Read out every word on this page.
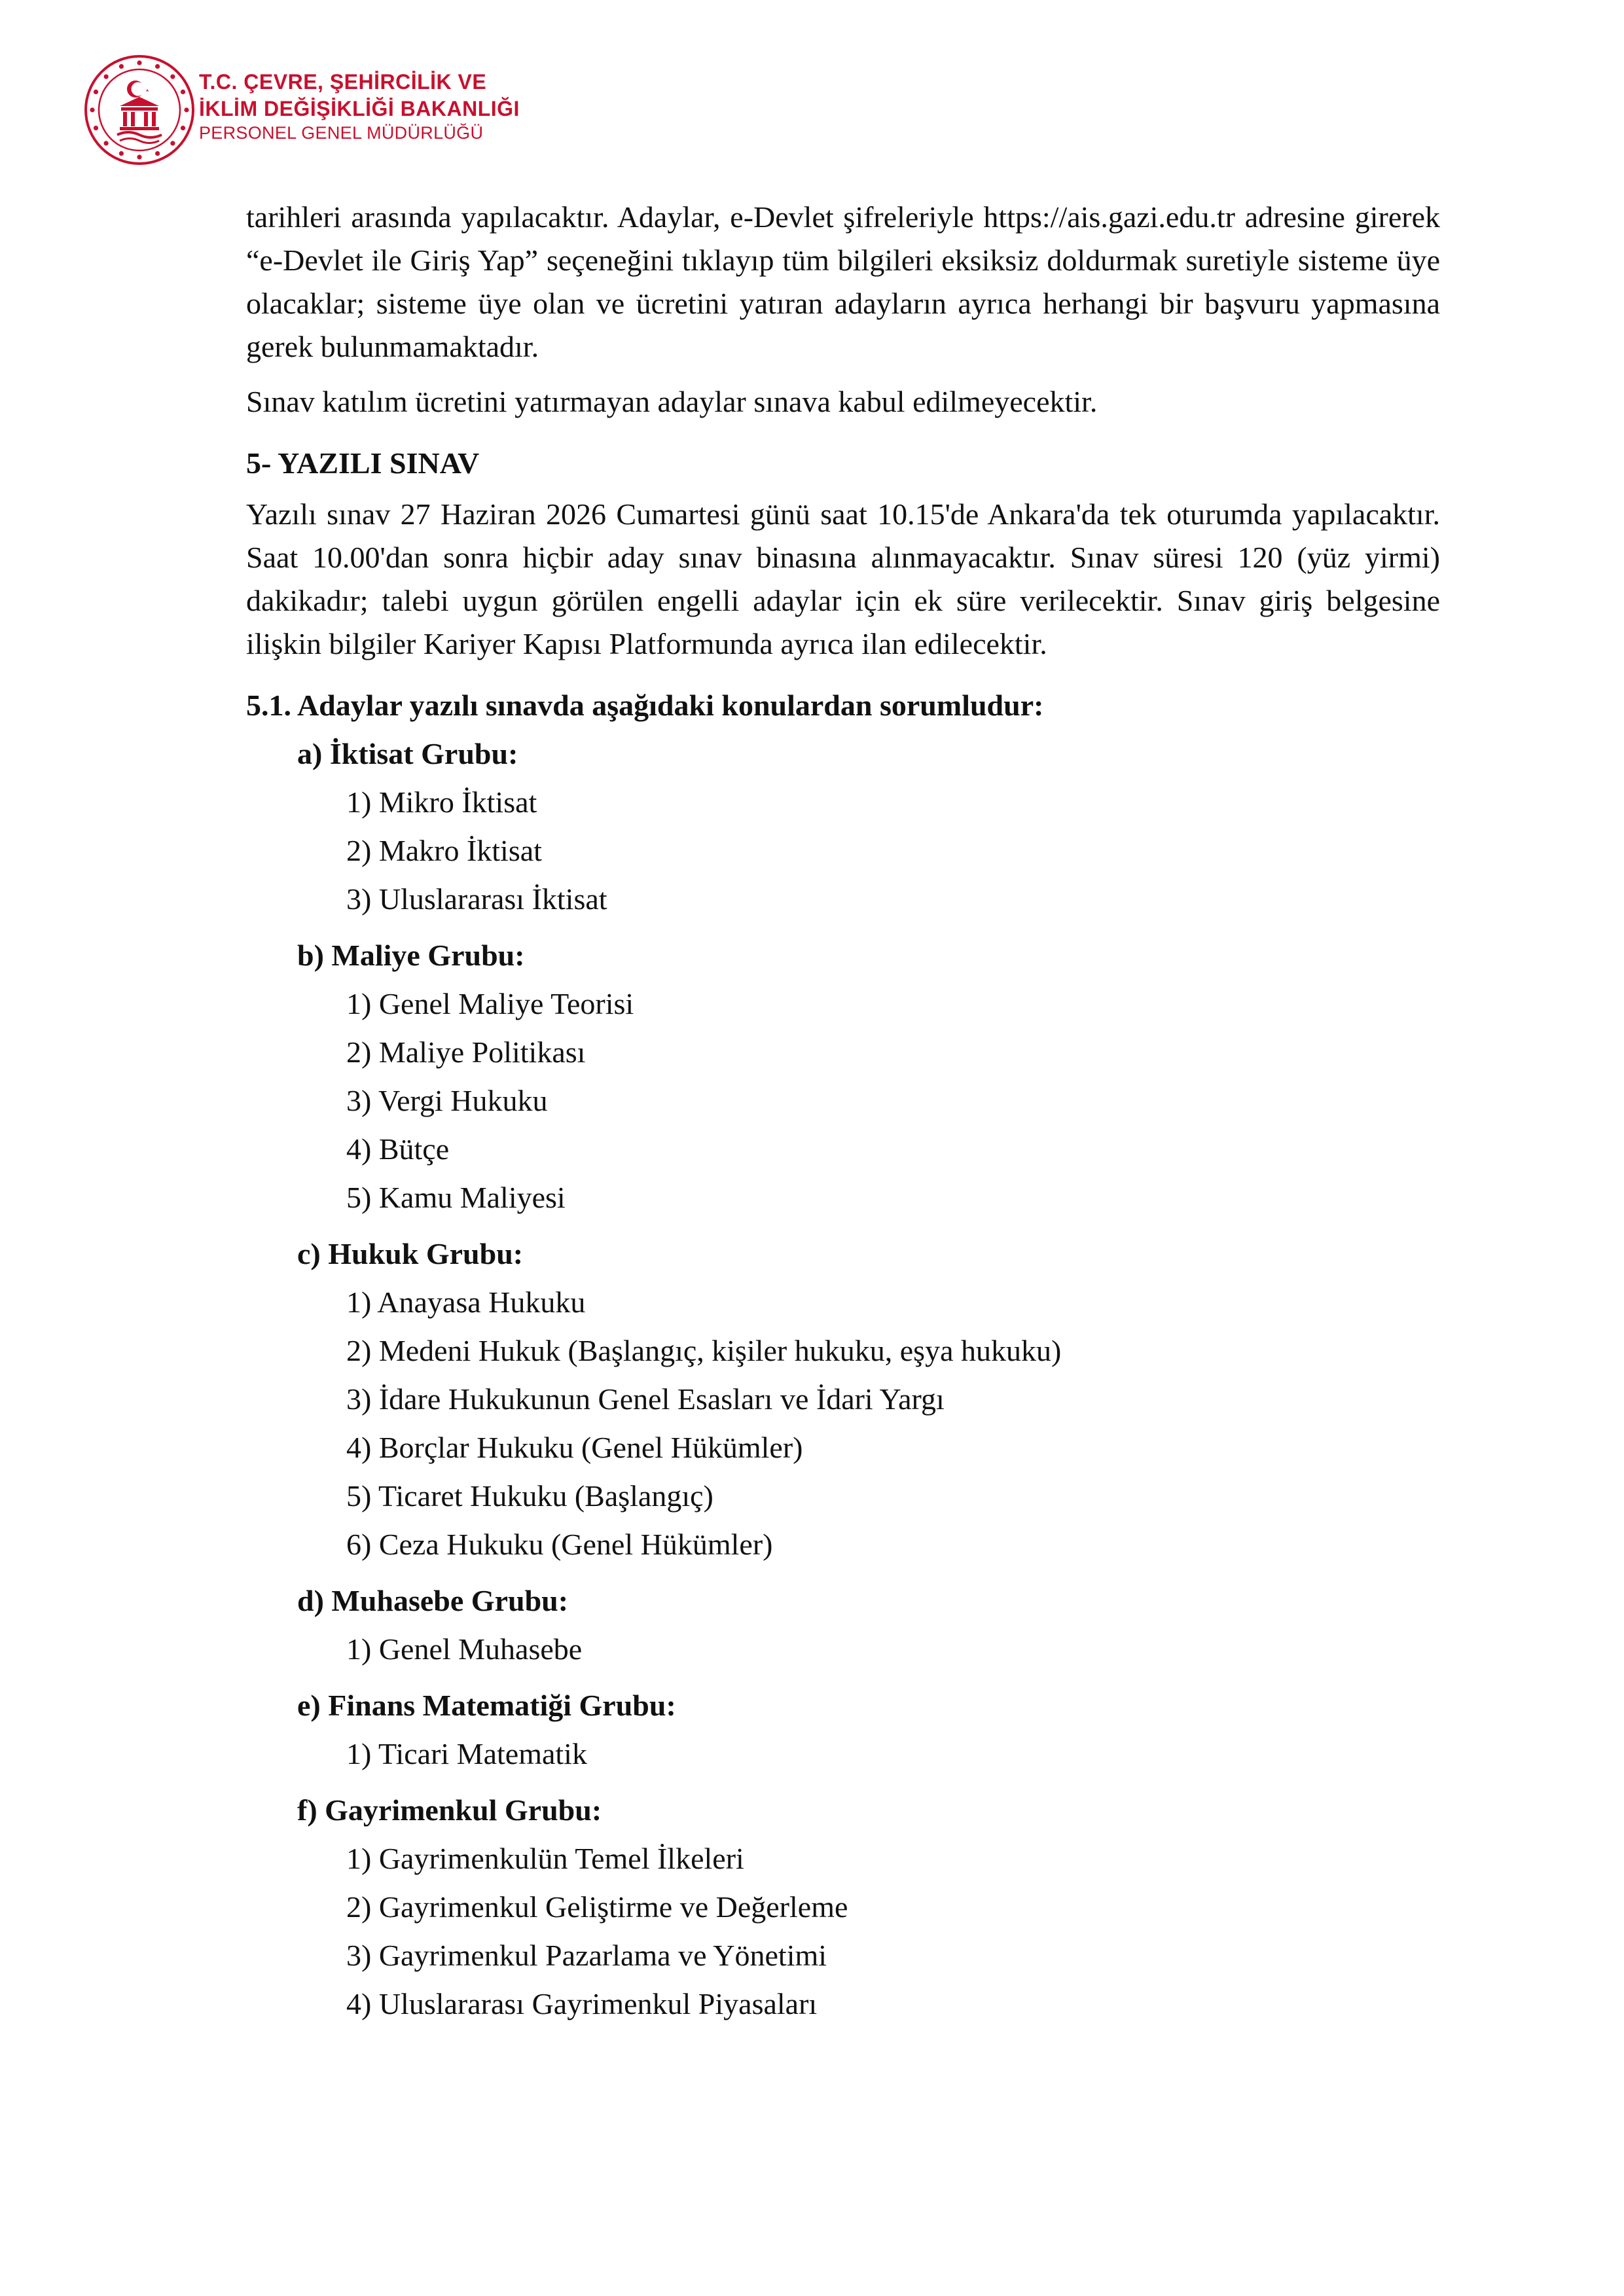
T.C. ÇEVRE, ŞEHİRCİLİK VE
İKLİM DEĞİŞİKLİĞİ BAKANLIĞI
PERSONEL GENEL MÜDÜRLÜĞÜ

tarihleri arasında yapılacaktır. Adaylar, e-Devlet şifreleriyle https://ais.gazi.edu.tr adresine girerek “e-Devlet ile Giriş Yap” seçeneğini tıklayıp tüm bilgileri eksiksiz doldurmak suretiyle sisteme üye olacaklar; sisteme üye olan ve ücretini yatıran adayların ayrıca herhangi bir başvuru yapmasına gerek bulunmamaktadır.

Sınav katılım ücretini yatırmayan adaylar sınava kabul edilmeyecektir.

5- YAZILI SINAV

Yazılı sınav 27 Haziran 2026 Cumartesi günü saat 10.15'de Ankara'da tek oturumda yapılacaktır. Saat 10.00'dan sonra hiçbir aday sınav binasına alınmayacaktır. Sınav süresi 120 (yüz yirmi) dakikadır; talebi uygun görülen engelli adaylar için ek süre verilecektir. Sınav giriş belgesine ilişkin bilgiler Kariyer Kapısı Platformunda ayrıca ilan edilecektir.

5.1. Adaylar yazılı sınavda aşağıdaki konulardan sorumludur:

a) İktisat Grubu:

1) Mikro İktisat

2) Makro İktisat

3) Uluslararası İktisat

b) Maliye Grubu:

1) Genel Maliye Teorisi

2) Maliye Politikası

3) Vergi Hukuku

4) Bütçe

5) Kamu Maliyesi

c) Hukuk Grubu:

1) Anayasa Hukuku

2) Medeni Hukuk (Başlangıç, kişiler hukuku, eşya hukuku)

3) İdare Hukukunun Genel Esasları ve İdari Yargı

4) Borçlar Hukuku (Genel Hükümler)

5) Ticaret Hukuku (Başlangıç)

6) Ceza Hukuku (Genel Hükümler)

d) Muhasebe Grubu:

1) Genel Muhasebe

e) Finans Matematiği Grubu:

1) Ticari Matematik

f) Gayrimenkul Grubu:

1) Gayrimenkulün Temel İlkeleri

2) Gayrimenkul Geliştirme ve Değerleme

3) Gayrimenkul Pazarlama ve Yönetimi

4) Uluslararası Gayrimenkul Piyasaları
